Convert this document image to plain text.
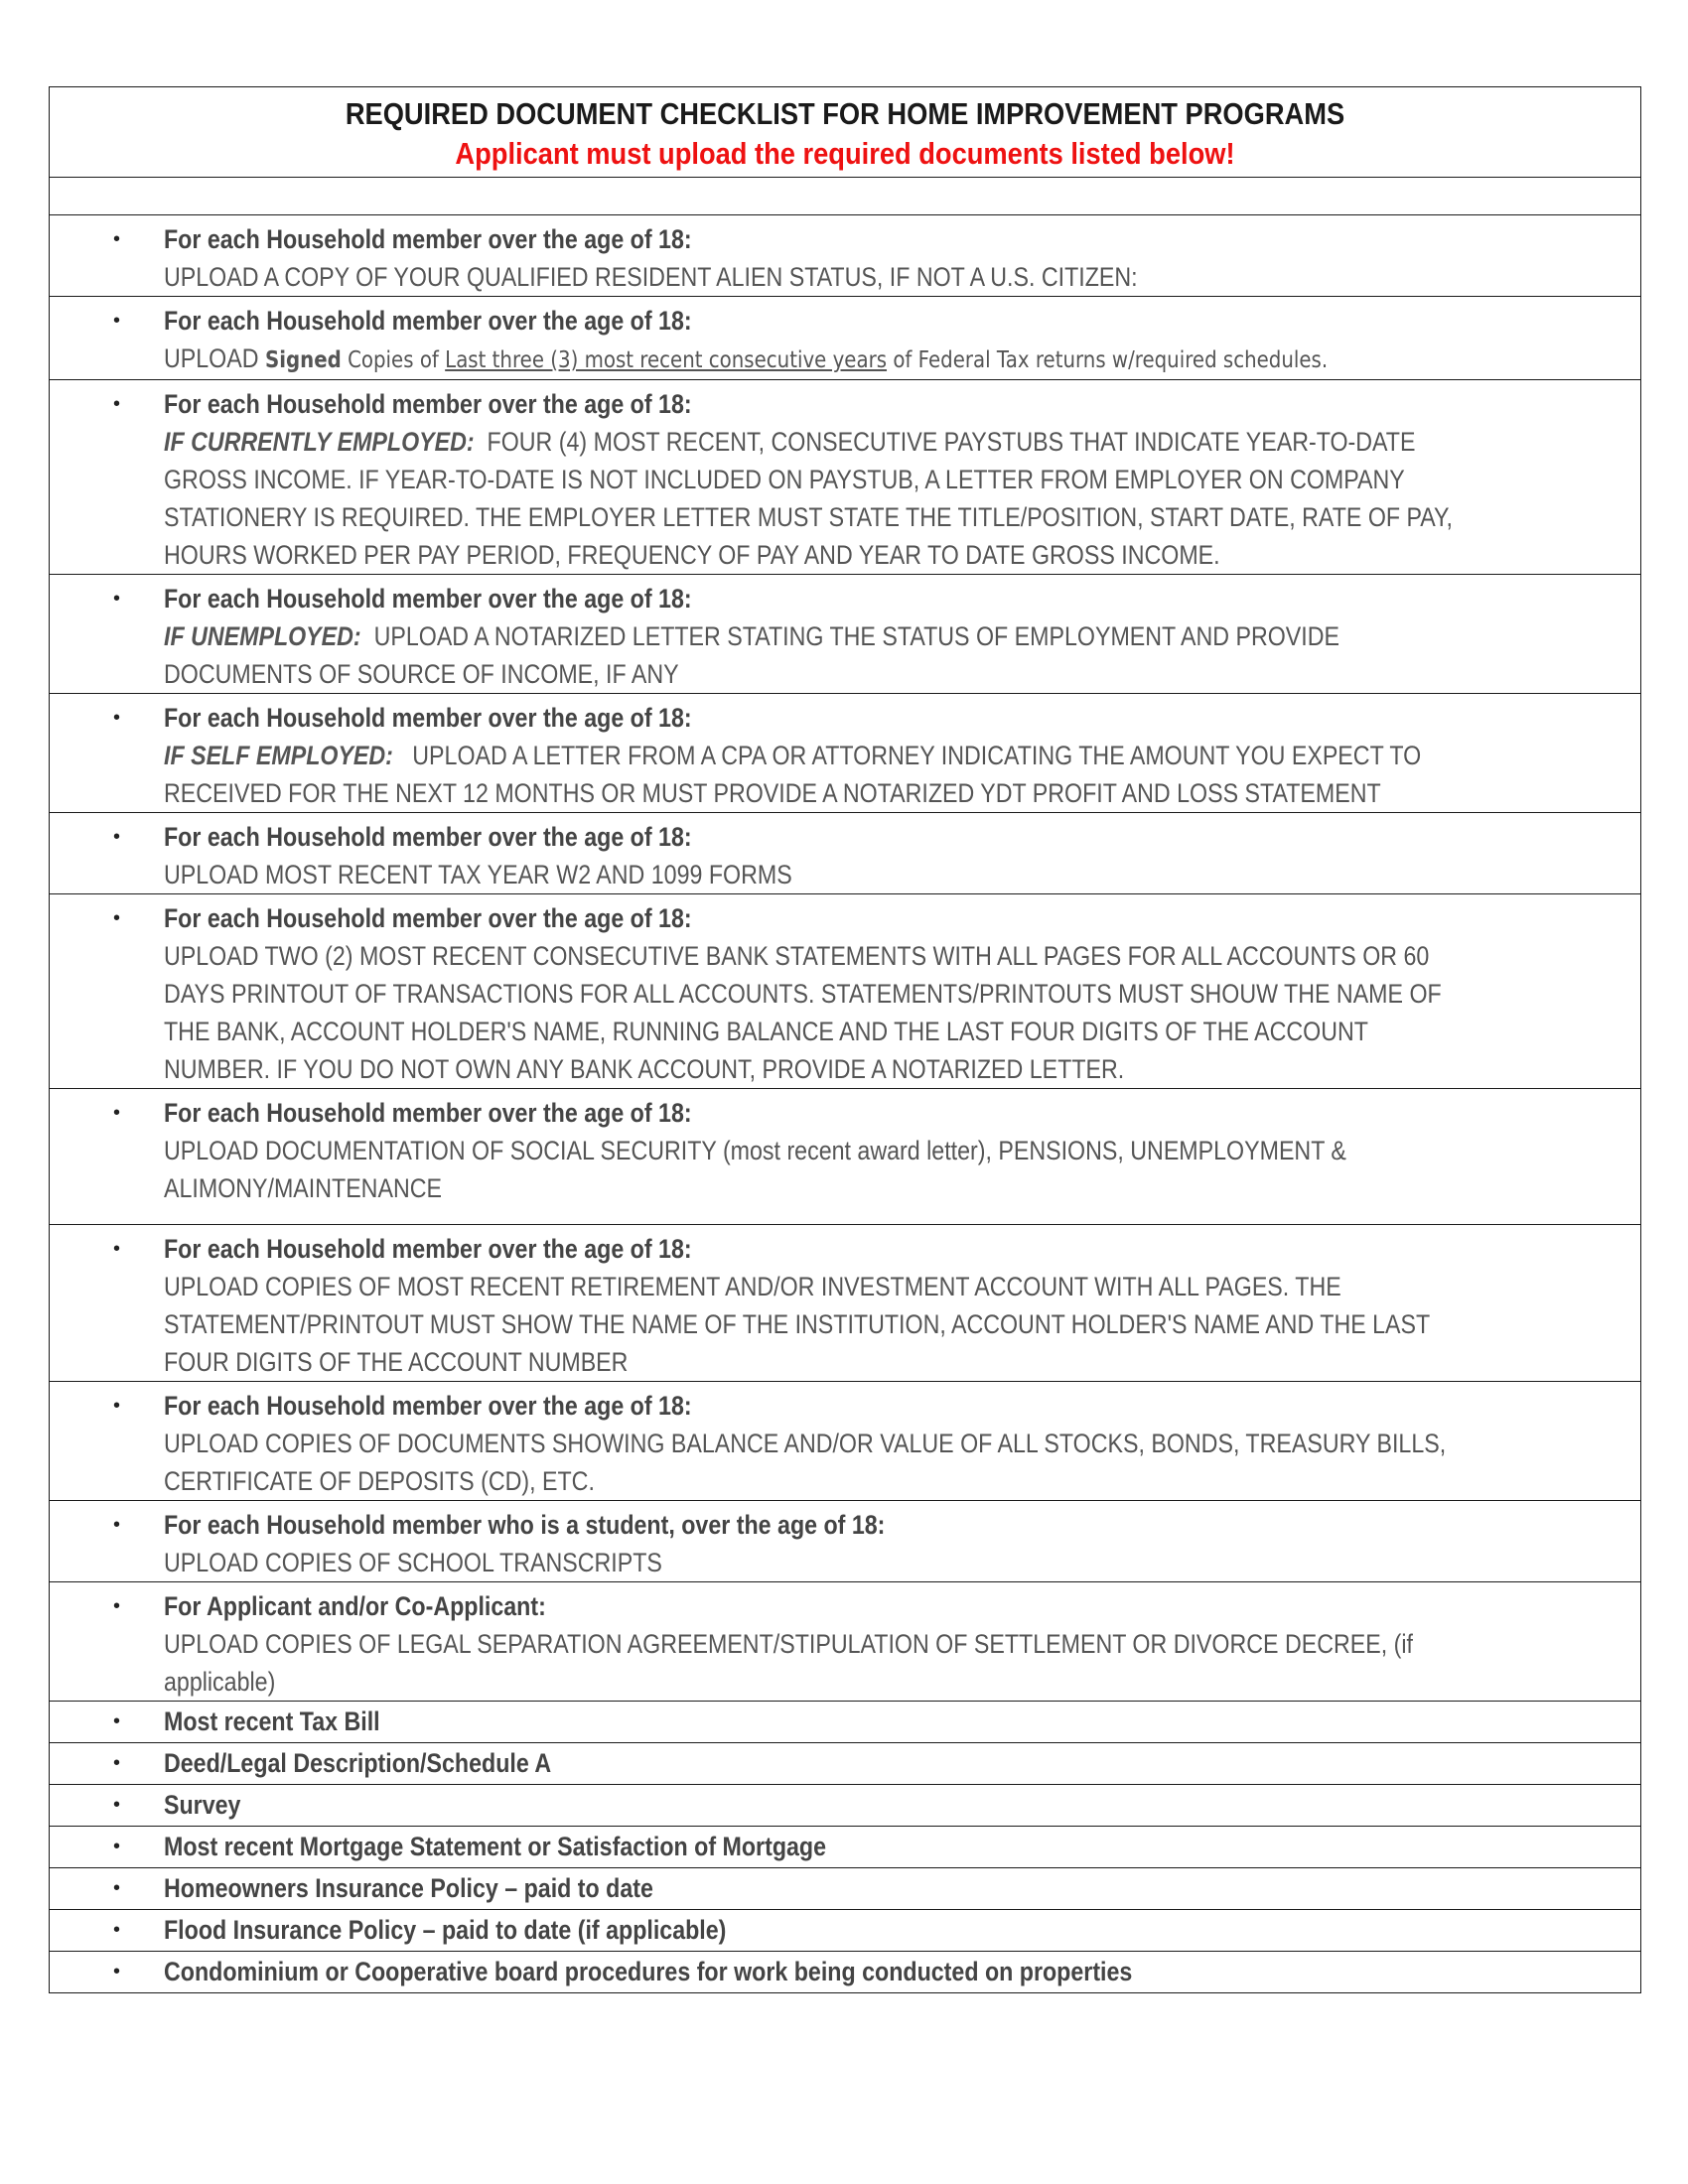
REQUIRED DOCUMENT CHECKLIST FOR HOME IMPROVEMENT PROGRAMS
Applicant must upload the required documents listed below!

• For each Household member over the age of 18:
UPLOAD A COPY OF YOUR QUALIFIED RESIDENT ALIEN STATUS, IF NOT A U.S. CITIZEN:

• For each Household member over the age of 18:
UPLOAD Signed Copies of Last three (3) most recent consecutive years of Federal Tax returns w/required schedules.

• For each Household member over the age of 18:
IF CURRENTLY EMPLOYED: FOUR (4) MOST RECENT, CONSECUTIVE PAYSTUBS THAT INDICATE YEAR-TO-DATE
GROSS INCOME. IF YEAR-TO-DATE IS NOT INCLUDED ON PAYSTUB, A LETTER FROM EMPLOYER ON COMPANY
STATIONERY IS REQUIRED. THE EMPLOYER LETTER MUST STATE THE TITLE/POSITION, START DATE, RATE OF PAY,
HOURS WORKED PER PAY PERIOD, FREQUENCY OF PAY AND YEAR TO DATE GROSS INCOME.

• For each Household member over the age of 18:
IF UNEMPLOYED: UPLOAD A NOTARIZED LETTER STATING THE STATUS OF EMPLOYMENT AND PROVIDE
DOCUMENTS OF SOURCE OF INCOME, IF ANY

• For each Household member over the age of 18:
IF SELF EMPLOYED: UPLOAD A LETTER FROM A CPA OR ATTORNEY INDICATING THE AMOUNT YOU EXPECT TO
RECEIVED FOR THE NEXT 12 MONTHS OR MUST PROVIDE A NOTARIZED YDT PROFIT AND LOSS STATEMENT

• For each Household member over the age of 18:
UPLOAD MOST RECENT TAX YEAR W2 AND 1099 FORMS

• For each Household member over the age of 18:
UPLOAD TWO (2) MOST RECENT CONSECUTIVE BANK STATEMENTS WITH ALL PAGES FOR ALL ACCOUNTS OR 60
DAYS PRINTOUT OF TRANSACTIONS FOR ALL ACCOUNTS. STATEMENTS/PRINTOUTS MUST SHOUW THE NAME OF
THE BANK, ACCOUNT HOLDER'S NAME, RUNNING BALANCE AND THE LAST FOUR DIGITS OF THE ACCOUNT
NUMBER. IF YOU DO NOT OWN ANY BANK ACCOUNT, PROVIDE A NOTARIZED LETTER.

• For each Household member over the age of 18:
UPLOAD DOCUMENTATION OF SOCIAL SECURITY (most recent award letter), PENSIONS, UNEMPLOYMENT &
ALIMONY/MAINTENANCE

• For each Household member over the age of 18:
UPLOAD COPIES OF MOST RECENT RETIREMENT AND/OR INVESTMENT ACCOUNT WITH ALL PAGES. THE
STATEMENT/PRINTOUT MUST SHOW THE NAME OF THE INSTITUTION, ACCOUNT HOLDER'S NAME AND THE LAST
FOUR DIGITS OF THE ACCOUNT NUMBER

• For each Household member over the age of 18:
UPLOAD COPIES OF DOCUMENTS SHOWING BALANCE AND/OR VALUE OF ALL STOCKS, BONDS, TREASURY BILLS,
CERTIFICATE OF DEPOSITS (CD), ETC.

• For each Household member who is a student, over the age of 18:
UPLOAD COPIES OF SCHOOL TRANSCRIPTS

• For Applicant and/or Co-Applicant:
UPLOAD COPIES OF LEGAL SEPARATION AGREEMENT/STIPULATION OF SETTLEMENT OR DIVORCE DECREE, (if
applicable)

• Most recent Tax Bill

• Deed/Legal Description/Schedule A

• Survey

• Most recent Mortgage Statement or Satisfaction of Mortgage

• Homeowners Insurance Policy – paid to date

• Flood Insurance Policy – paid to date (if applicable)

• Condominium or Cooperative board procedures for work being conducted on properties
